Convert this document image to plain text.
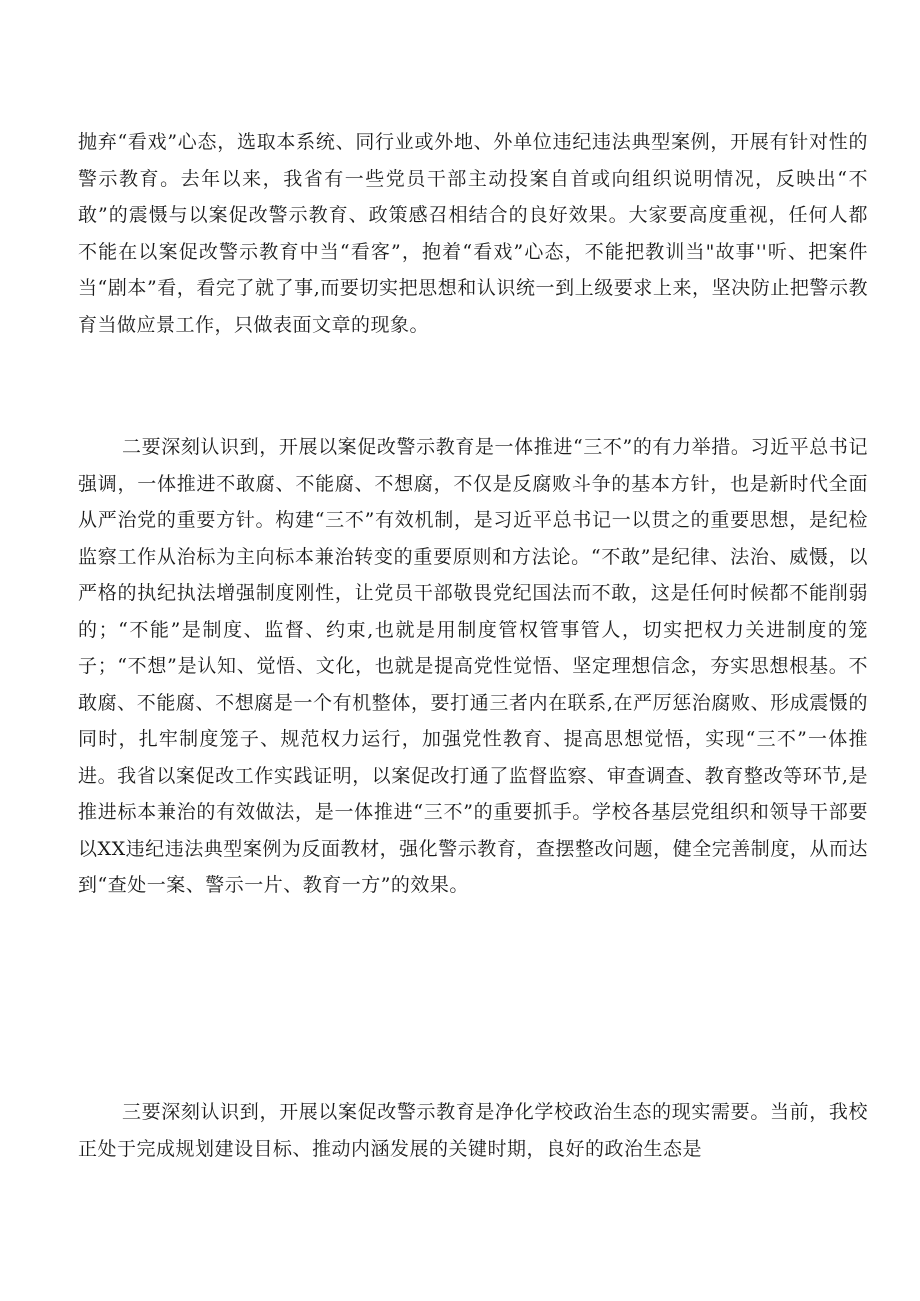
抛弃“看戏”心态，选取本系统、同行业或外地、外单位违纪违法典型案例，开展有针对性的警示教育。去年以来，我省有一些党员干部主动投案自首或向组织说明情况，反映出“不敢”的震慑与以案促改警示教育、政策感召相结合的良好效果。大家要高度重视，任何人都不能在以案促改警示教育中当“看客”，抱着“看戏”心态，不能把教训当"故事''听、把案件当“剧本”看，看完了就了事,而要切实把思想和认识统一到上级要求上来，坚决防止把警示教育当做应景工作，只做表面文章的现象。

二要深刻认识到，开展以案促改警示教育是一体推进“三不”的有力举措。习近平总书记强调，一体推进不敢腐、不能腐、不想腐，不仅是反腐败斗争的基本方针，也是新时代全面从严治党的重要方针。构建“三不”有效机制，是习近平总书记一以贯之的重要思想，是纪检监察工作从治标为主向标本兼治转变的重要原则和方法论。“不敢”是纪律、法治、威慑，以严格的执纪执法增强制度刚性，让党员干部敬畏党纪国法而不敢，这是任何时候都不能削弱的；“不能”是制度、监督、约束,也就是用制度管权管事管人，切实把权力关进制度的笼子；“不想”是认知、觉悟、文化，也就是提高党性觉悟、坚定理想信念，夯实思想根基。不敢腐、不能腐、不想腐是一个有机整体，要打通三者内在联系,在严厉惩治腐败、形成震慑的同时，扎牢制度笼子、规范权力运行，加强党性教育、提高思想觉悟，实现“三不”一体推进。我省以案促改工作实践证明，以案促改打通了监督监察、审查调查、教育整改等环节,是推进标本兼治的有效做法，是一体推进“三不”的重要抓手。学校各基层党组织和领导干部要以XX违纪违法典型案例为反面教材，强化警示教育，查摆整改问题，健全完善制度，从而达到“查处一案、警示一片、教育一方”的效果。

三要深刻认识到，开展以案促改警示教育是净化学校政治生态的现实需要。当前，我校正处于完成规划建设目标、推动内涵发展的关键时期，良好的政治生态是
